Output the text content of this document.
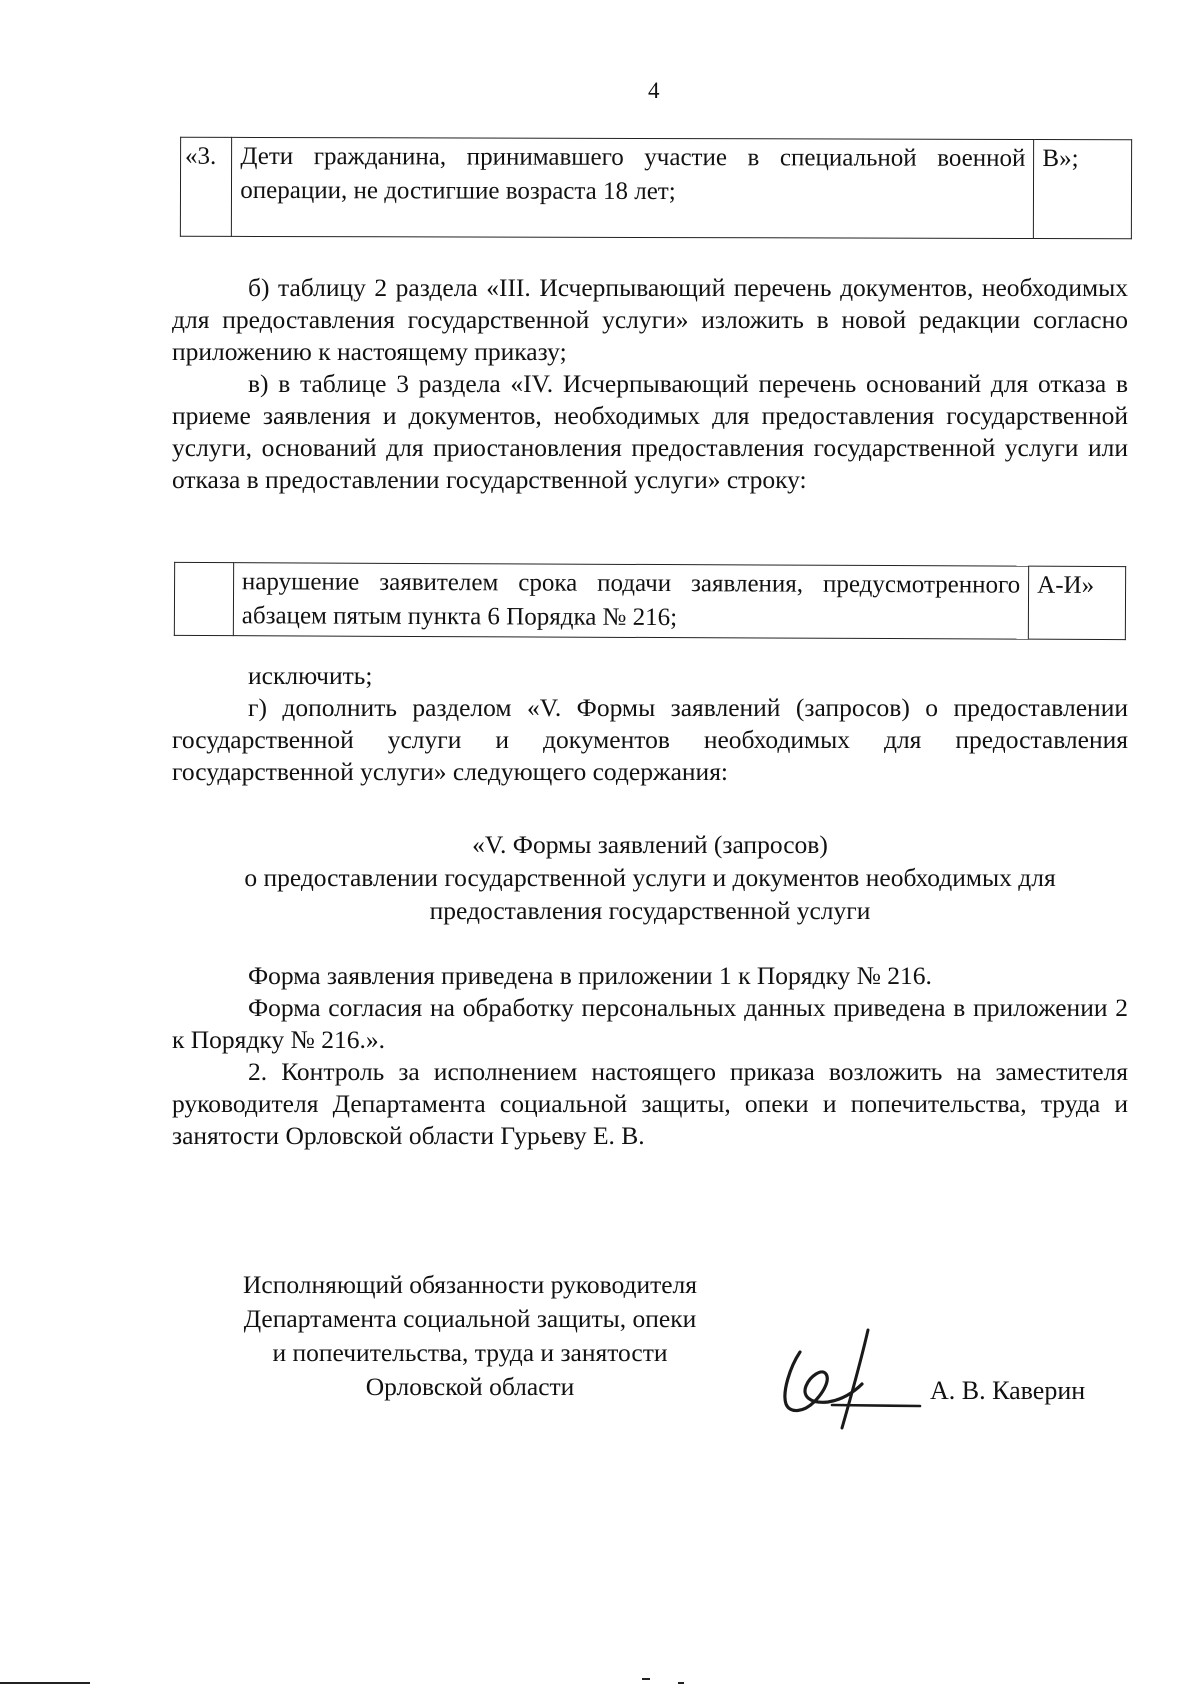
4
«3.	Дети гражданина, принимавшего участие в специальной военной операции, не достигшие возраста 18 лет;	В»;

б) таблицу 2 раздела «III. Исчерпывающий перечень документов, необходимых для предоставления государственной услуги» изложить в новой редакции согласно приложению к настоящему приказу;

в) в таблице 3 раздела «IV. Исчерпывающий перечень оснований для отказа в приеме заявления и документов, необходимых для предоставления государственной услуги, оснований для приостановления предоставления государственной услуги или отказа в предоставлении государственной услуги» строку:

	нарушение заявителем срока подачи заявления, предусмотренного абзацем пятым пункта 6 Порядка № 216;	А-И»

исключить;

г) дополнить разделом «V. Формы заявлений (запросов) о предоставлении государственной услуги и документов необходимых для предоставления государственной услуги» следующего содержания:

«V. Формы заявлений (запросов)

о предоставлении государственной услуги и документов необходимых для

предоставления государственной услуги

Форма заявления приведена в приложении 1 к Порядку № 216.

Форма согласия на обработку персональных данных приведена в приложении 2 к Порядку № 216.».

2. Контроль за исполнением настоящего приказа возложить на заместителя руководителя Департамента социальной защиты, опеки и попечительства, труда и занятости Орловской области Гурьеву Е. В.

Исполняющий обязанности руководителя

Департамента социальной защиты, опеки

и попечительства, труда и занятости

Орловской области	А. В. Каверин
